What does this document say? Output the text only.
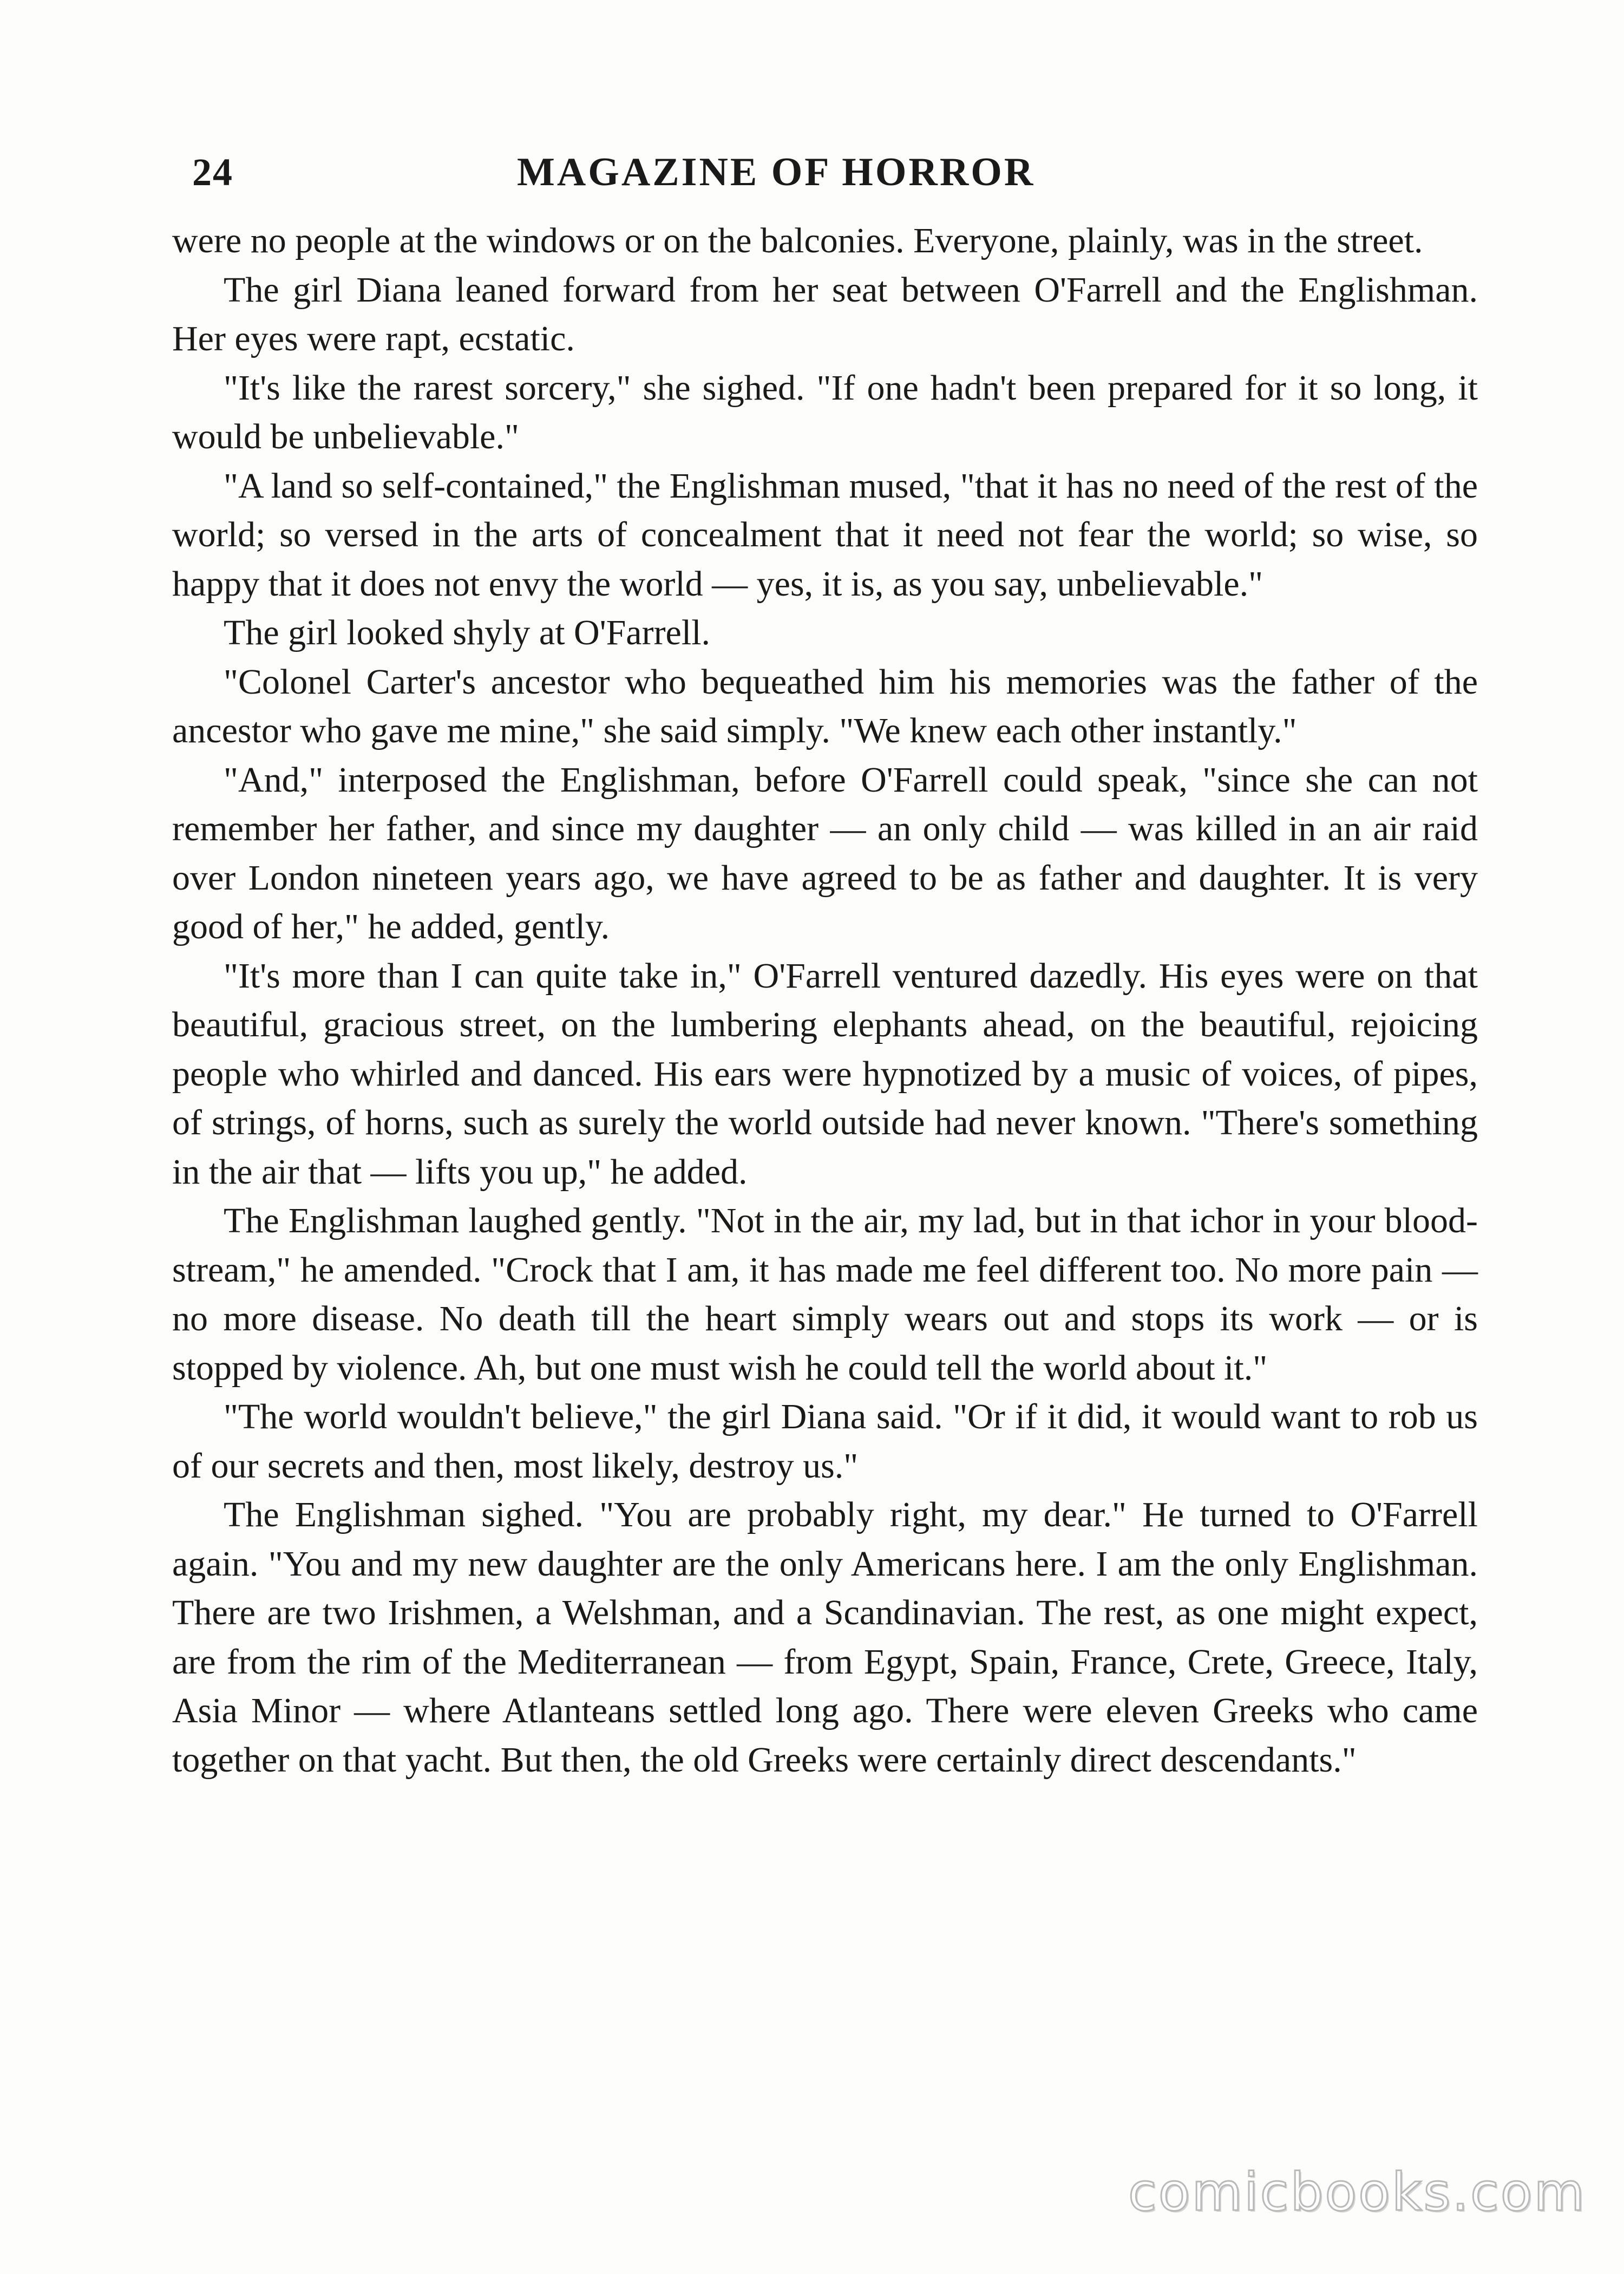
24	MAGAZINE OF HORROR

were no people at the windows or on the balconies. Everyone, plainly, was in the street.

The girl Diana leaned forward from her seat between O'Farrell and the Englishman. Her eyes were rapt, ecstatic.

"It's like the rarest sorcery," she sighed. "If one hadn't been prepared for it so long, it would be unbelievable."

"A land so self-contained," the Englishman mused, "that it has no need of the rest of the world; so versed in the arts of concealment that it need not fear the world; so wise, so happy that it does not envy the world — yes, it is, as you say, unbelievable."

The girl looked shyly at O'Farrell.

"Colonel Carter's ancestor who bequeathed him his memories was the father of the ancestor who gave me mine," she said simply. "We knew each other instantly."

"And," interposed the Englishman, before O'Farrell could speak, "since she can not remember her father, and since my daughter — an only child — was killed in an air raid over London nineteen years ago, we have agreed to be as father and daughter. It is very good of her," he added, gently.

"It's more than I can quite take in," O'Farrell ventured dazedly. His eyes were on that beautiful, gracious street, on the lumbering elephants ahead, on the beautiful, rejoicing people who whirled and danced. His ears were hypnotized by a music of voices, of pipes, of strings, of horns, such as surely the world outside had never known. "There's something in the air that — lifts you up," he added.

The Englishman laughed gently. "Not in the air, my lad, but in that ichor in your blood-stream," he amended. "Crock that I am, it has made me feel different too. No more pain — no more disease. No death till the heart simply wears out and stops its work — or is stopped by violence. Ah, but one must wish he could tell the world about it."

"The world wouldn't believe," the girl Diana said. "Or if it did, it would want to rob us of our secrets and then, most likely, destroy us."

The Englishman sighed. "You are probably right, my dear." He turned to O'Farrell again. "You and my new daughter are the only Americans here. I am the only Englishman. There are two Irishmen, a Welshman, and a Scandinavian. The rest, as one might expect, are from the rim of the Mediterranean — from Egypt, Spain, France, Crete, Greece, Italy, Asia Minor — where Atlanteans settled long ago. There were eleven Greeks who came together on that yacht. But then, the old Greeks were certainly direct descendants."

comicbooks.com
